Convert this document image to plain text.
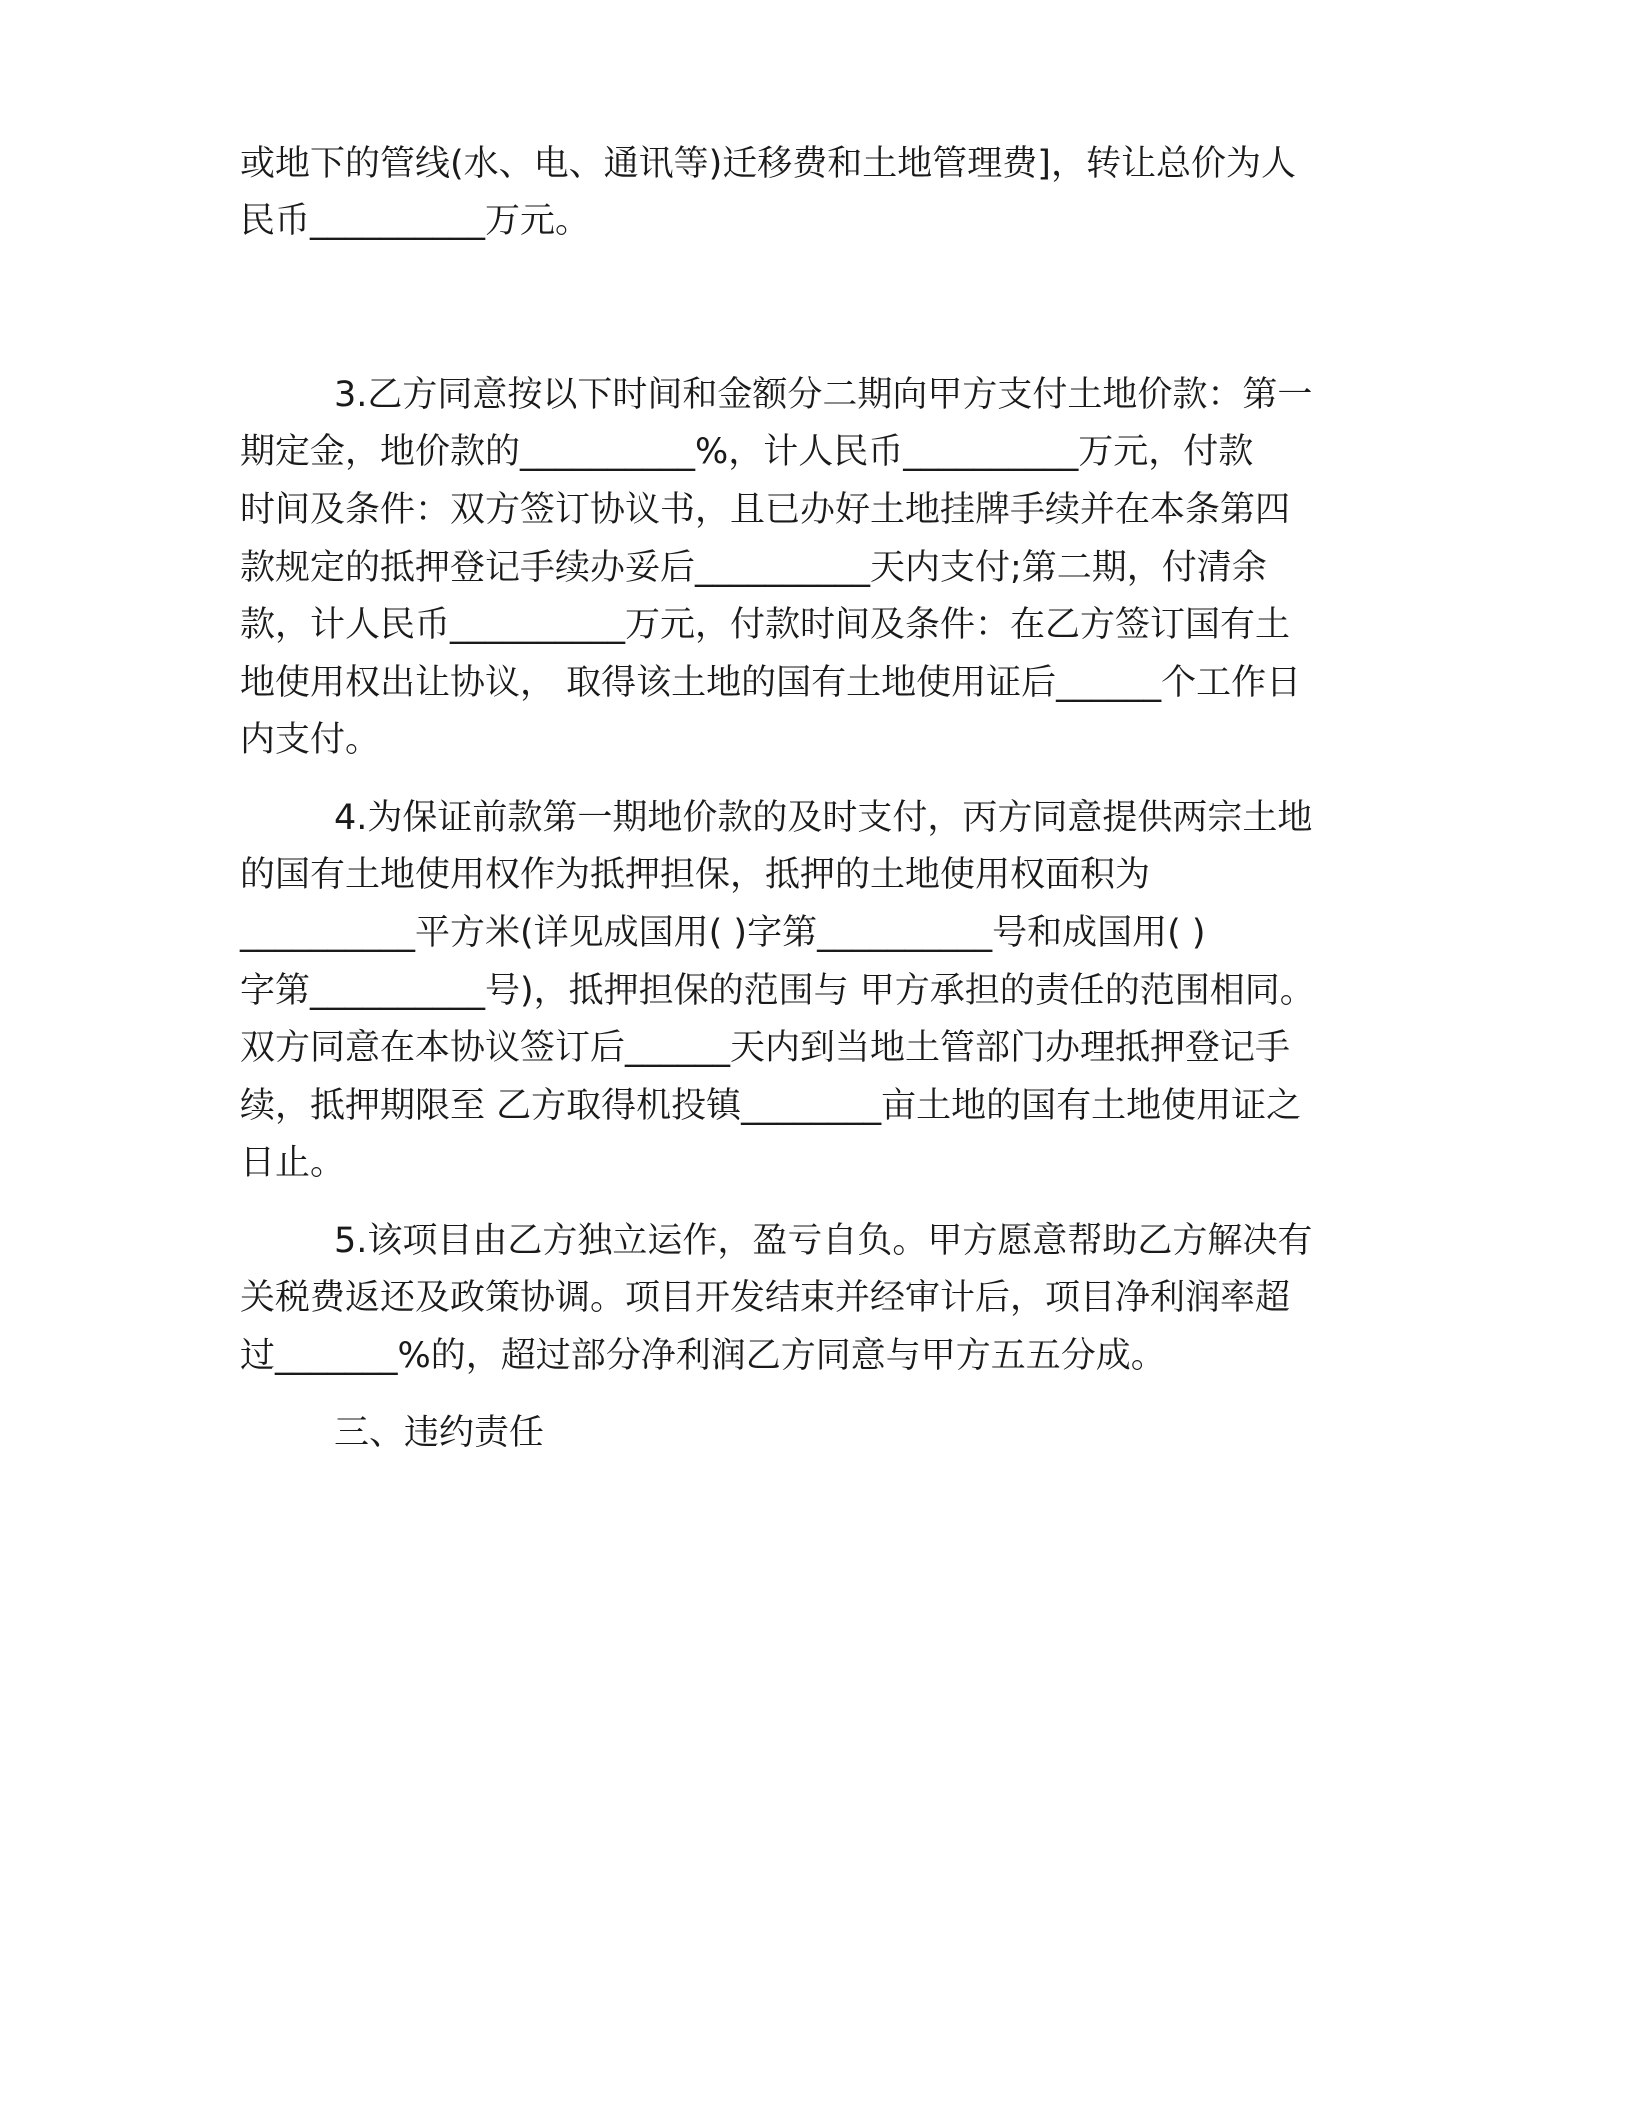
或地下的管线(水、电、通讯等)迁移费和土地管理费]，转让总价为人
民币__________万元。
3.乙方同意按以下时间和金额分二期向甲方支付土地价款：第一
期定金，地价款的__________%，计人民币__________万元，付款
时间及条件：双方签订协议书，且已办好土地挂牌手续并在本条第四
款规定的抵押登记手续办妥后__________天内支付;第二期，付清余
款，计人民币__________万元，付款时间及条件：在乙方签订国有土
地使用权出让协议， 取得该土地的国有土地使用证后______个工作日
内支付。
4.为保证前款第一期地价款的及时支付，丙方同意提供两宗土地
的国有土地使用权作为抵押担保，抵押的土地使用权面积为
__________平方米(详见成国用( )字第__________号和成国用( )
字第__________号)，抵押担保的范围与 甲方承担的责任的范围相同。
双方同意在本协议签订后______天内到当地土管部门办理抵押登记手
续，抵押期限至 乙方取得机投镇________亩土地的国有土地使用证之
日止。
5.该项目由乙方独立运作，盈亏自负。甲方愿意帮助乙方解决有
关税费返还及政策协调。项目开发结束并经审计后，项目净利润率超
过_______%的，超过部分净利润乙方同意与甲方五五分成。
三、违约责任
